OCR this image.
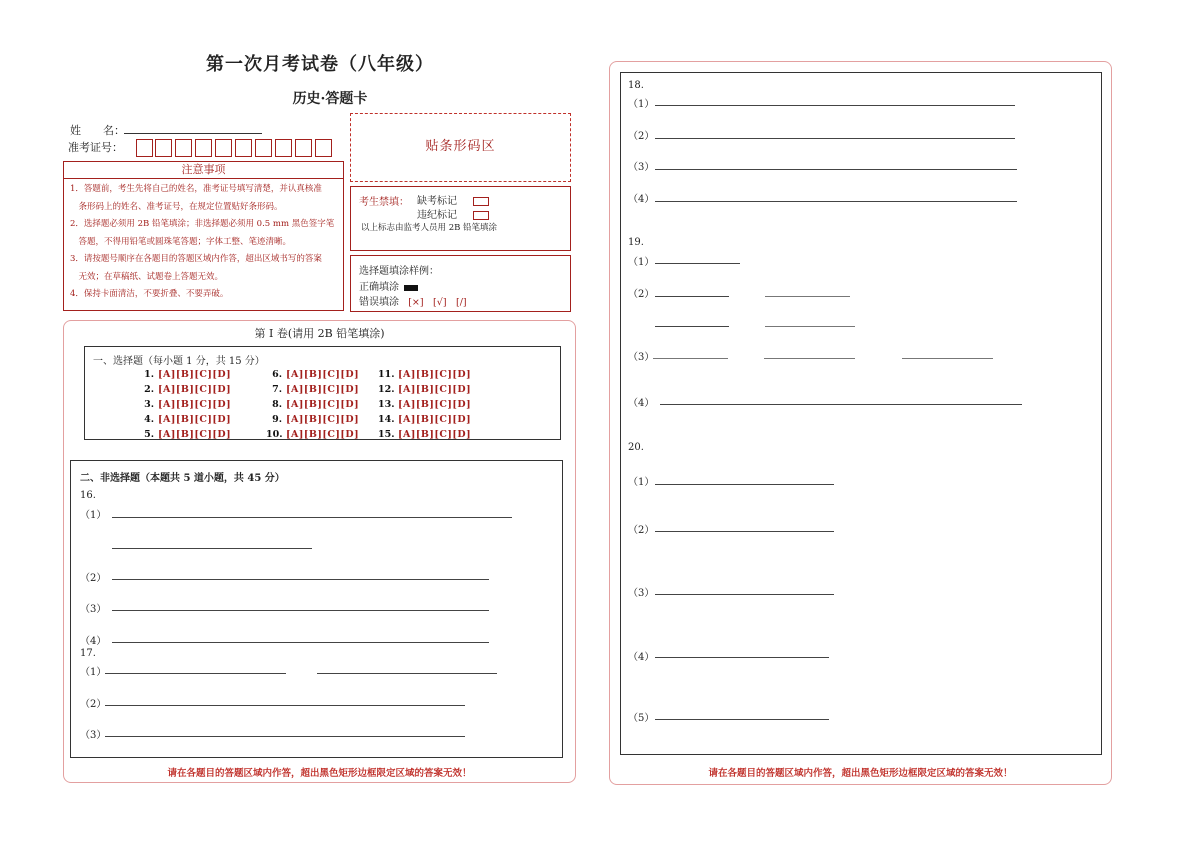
第一次月考试卷（八年级）
历史·答题卡
姓　　名：
准考证号：	贴条形码区
注意事项
1．答题前，考生先将自己的姓名，准考证号填写清楚，并认真核准
　条形码上的姓名、准考证号，在规定位置贴好条形码。
2．选择题必须用 2B 铅笔填涂；非选择题必须用 0.5 mm 黑色签字笔
　答题，不得用铅笔或圆珠笔答题；字体工整、笔迹清晰。
3．请按题号顺序在各题目的答题区域内作答，超出区域书写的答案
　无效；在草稿纸、试题卷上答题无效。
4．保持卡面清洁，不要折叠、不要弄破。
考生禁填： 缺考标记
违纪标记
以上标志由监考人员用 2B 铅笔填涂
选择题填涂样例：
正确填涂
错误填涂 [×]　[√]　[/]
第 I 卷(请用 2B 铅笔填涂)
一、选择题（每小题 1 分，共 15 分）
1. [A][B][C][D]
2. [A][B][C][D]
3. [A][B][C][D]
4. [A][B][C][D]
5. [A][B][C][D]
6. [A][B][C][D]
7. [A][B][C][D]
8. [A][B][C][D]
9. [A][B][C][D]
10. [A][B][C][D]
11. [A][B][C][D]
12. [A][B][C][D]
13. [A][B][C][D]
14. [A][B][C][D]
15. [A][B][C][D]
二、非选择题（本题共 5 道小题，共 45 分）
16.
（1）
（2）
（3）
（4）
17.
（1）
（2）
（3）
请在各题目的答题区域内作答，超出黑色矩形边框限定区域的答案无效！
18.
（1）
（2）
（3）
（4）
19.
（1）
（2）
（3）
（4）
20.
（1）
（2）
（3）
（4）
（5）
请在各题目的答题区域内作答，超出黑色矩形边框限定区域的答案无效！
